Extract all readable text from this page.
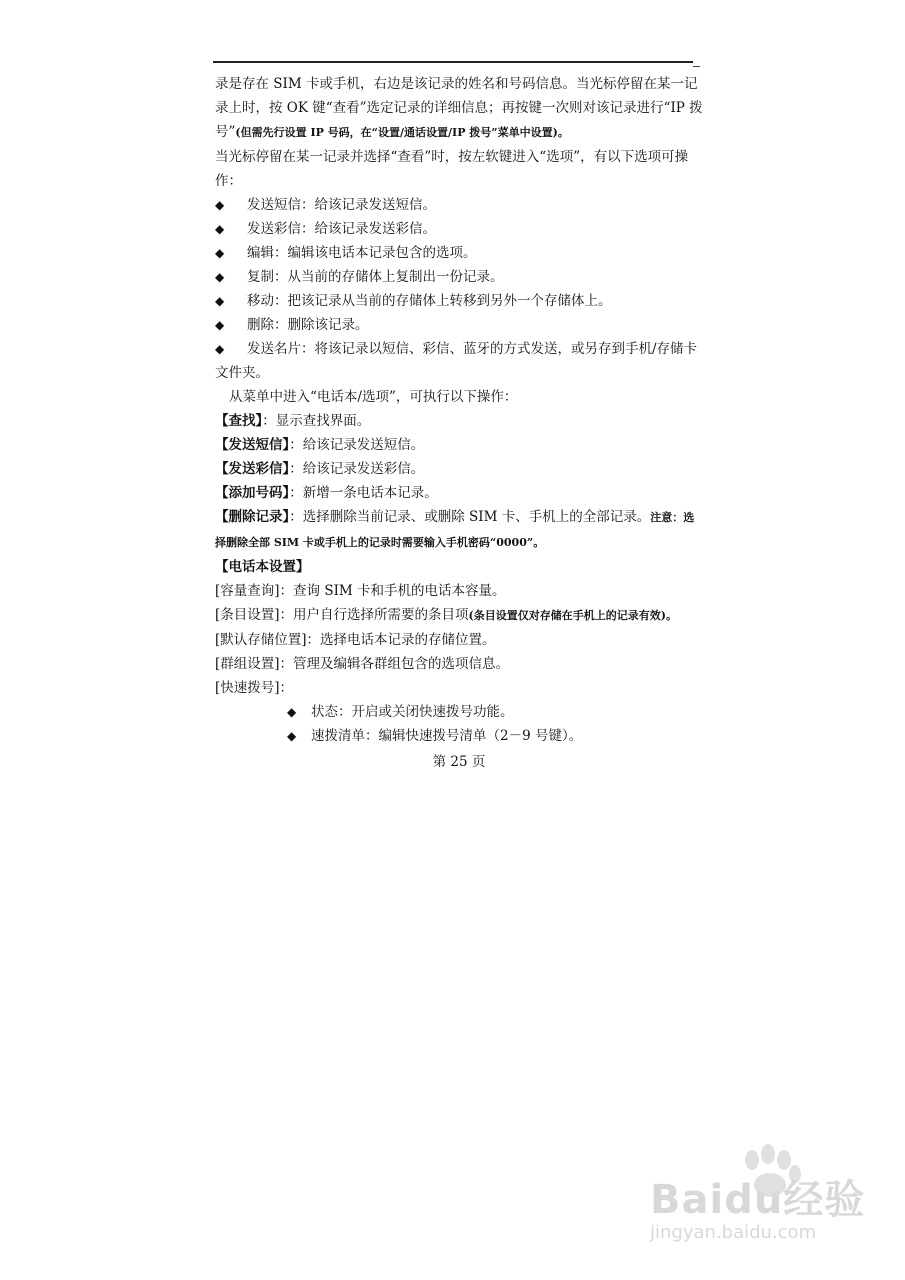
录是存在 SIM 卡或手机，右边是该记录的姓名和号码信息。当光标停留在某一记录上时，按 OK 键“查看”选定记录的详细信息；再按键一次则对该记录进行“IP 拨号”(但需先行设置 IP 号码，在“设置/通话设置/IP 拨号”菜单中设置)。

当光标停留在某一记录并选择“查看”时，按左软键进入“选项”，有以下选项可操作：

◆	发送短信：给该记录发送短信。
◆	发送彩信：给该记录发送彩信。
◆	编辑：编辑该电话本记录包含的选项。
◆	复制：从当前的存储体上复制出一份记录。
◆	移动：把该记录从当前的存储体上转移到另外一个存储体上。
◆	删除：删除该记录。
◆ 发送名片：将该记录以短信、彩信、蓝牙的方式发送，或另存到手机/存储卡文件夹。

从菜单中进入“电话本/选项”，可执行以下操作：

【查找】：显示查找界面。

【发送短信】：给该记录发送短信。

【发送彩信】：给该记录发送彩信。

【添加号码】：新增一条电话本记录。

【删除记录】：选择删除当前记录、或删除 SIM 卡、手机上的全部记录。注意：选择删除全部 SIM 卡或手机上的记录时需要输入手机密码“0000”。

【电话本设置】

[容量查询]：查询 SIM 卡和手机的电话本容量。

[条目设置]：用户自行选择所需要的条目项(条目设置仅对存储在手机上的记录有效)。

[默认存储位置]：选择电话本记录的存储位置。

[群组设置]：管理及编辑各群组包含的选项信息。

[快速拨号]：

◆	状态：开启或关闭快速拨号功能。
◆	速拨清单：编辑快速拨号清单（2－9 号键）。

第 25 页

Baidu经验
jingyan.baidu.com
